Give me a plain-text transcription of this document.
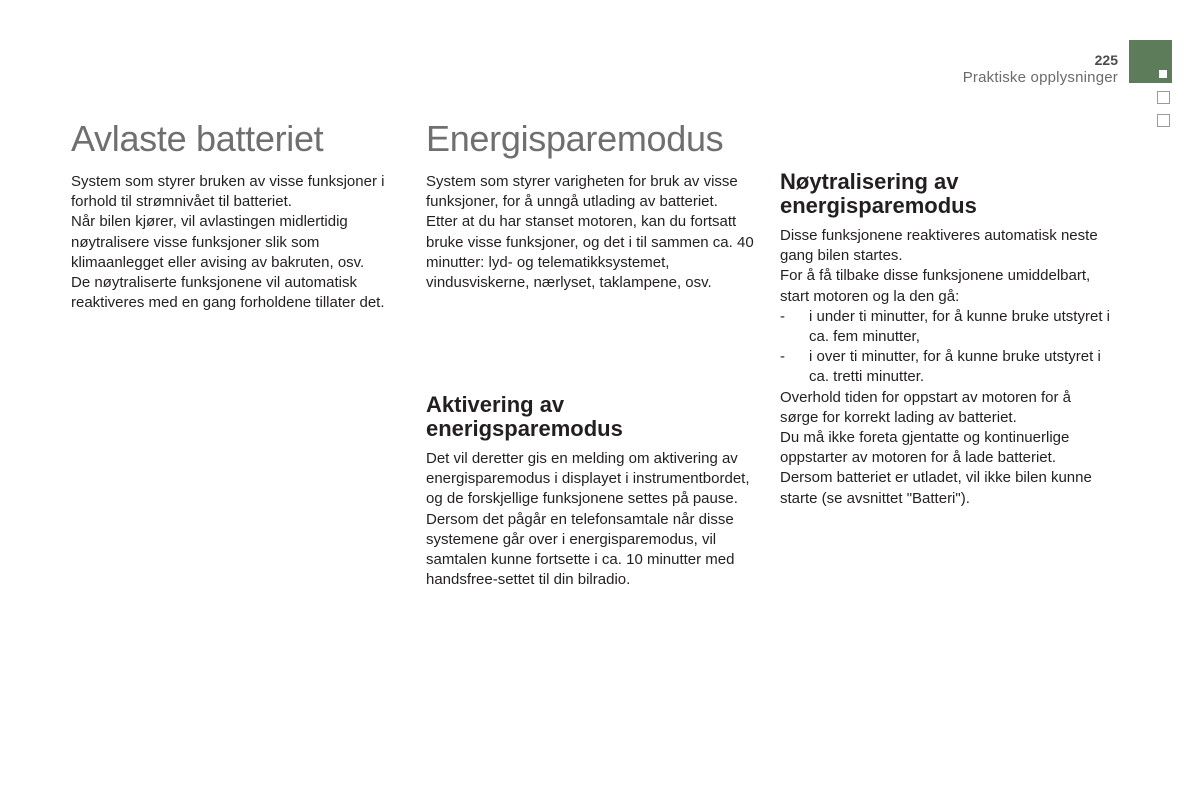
225
Praktiske opplysninger
Avlaste batteriet

System som styrer bruken av visse funksjoner i forhold til strømnivået til batteriet.

Når bilen kjører, vil avlastingen midlertidig nøytralisere visse funksjoner slik som klimaanlegget eller avising av bakruten, osv.

De nøytraliserte funksjonene vil automatisk reaktiveres med en gang forholdene tillater det.

Energisparemodus

System som styrer varigheten for bruk av visse funksjoner, for å unngå utlading av batteriet.

Etter at du har stanset motoren, kan du fortsatt bruke visse funksjoner, og det i til sammen ca. 40 minutter: lyd- og telematikksystemet, vindusviskerne, nærlyset, taklampene, osv.

Aktivering av enerigsparemodus

Det vil deretter gis en melding om aktivering av energisparemodus i displayet i instrumentbordet, og de forskjellige funksjonene settes på pause.

Dersom det pågår en telefonsamtale når disse systemene går over i energisparemodus, vil samtalen kunne fortsette i ca. 10 minutter med handsfree-settet til din bilradio.

Nøytralisering av energisparemodus

Disse funksjonene reaktiveres automatisk neste gang bilen startes.

For å få tilbake disse funksjonene umiddelbart, start motoren og la den gå:

- i under ti minutter, for å kunne bruke utstyret i ca. fem minutter,
- i over ti minutter, for å kunne bruke utstyret i ca. tretti minutter.

Overhold tiden for oppstart av motoren for å sørge for korrekt lading av batteriet.

Du må ikke foreta gjentatte og kontinuerlige oppstarter av motoren for å lade batteriet.

Dersom batteriet er utladet, vil ikke bilen kunne starte (se avsnittet "Batteri").
